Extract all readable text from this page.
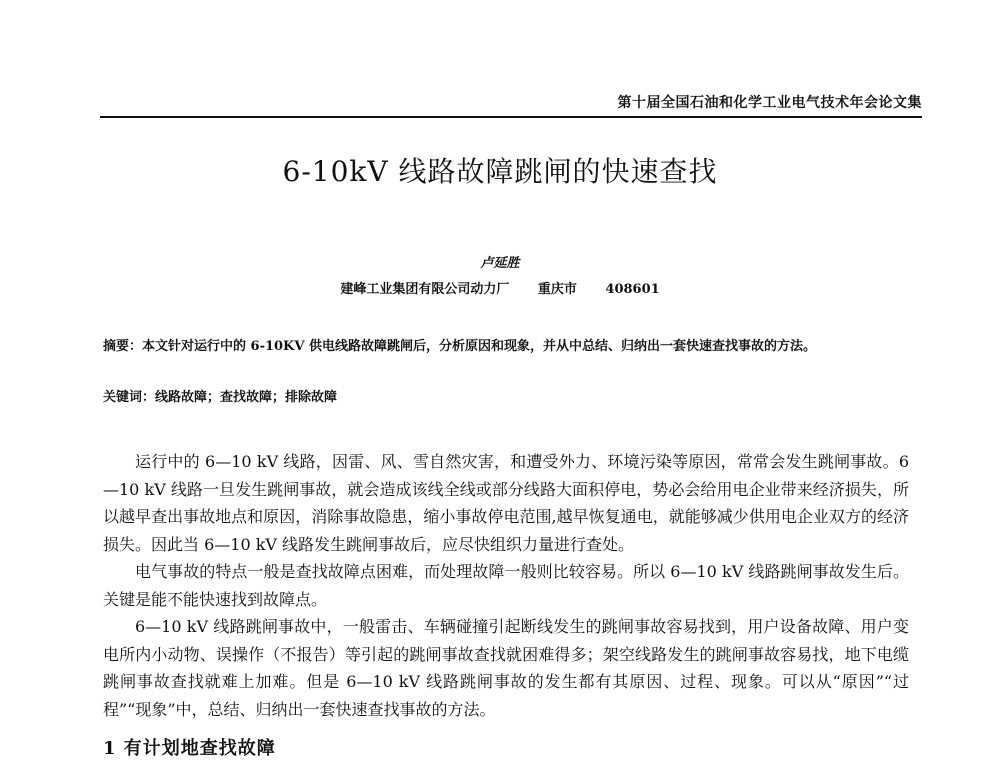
第十届全国石油和化学工业电气技术年会论文集
6-10kV 线路故障跳闸的快速查找
卢延胜
建峰工业集团有限公司动力厂 重庆市 408601
摘要：本文针对运行中的 6-10KV 供电线路故障跳闸后，分析原因和现象，并从中总结、归纳出一套快速查找事故的方法。
关键词：线路故障；查找故障；排除故障

运行中的 6—10 kV 线路，因雷、风、雪自然灾害，和遭受外力、环境污染等原因，常常会发生跳闸事故。6—10 kV 线路一旦发生跳闸事故，就会造成该线全线或部分线路大面积停电，势必会给用电企业带来经济损失，所以越早查出事故地点和原因，消除事故隐患，缩小事故停电范围,越早恢复通电，就能够减少供用电企业双方的经济损失。因此当 6—10 kV 线路发生跳闸事故后，应尽快组织力量进行查处。

电气事故的特点一般是查找故障点困难，而处理故障一般则比较容易。所以 6—10 kV 线路跳闸事故发生后。关键是能不能快速找到故障点。

6—10 kV 线路跳闸事故中，一般雷击、车辆碰撞引起断线发生的跳闸事故容易找到，用户设备故障、用户变电所内小动物、误操作（不报告）等引起的跳闸事故查找就困难得多；架空线路发生的跳闸事故容易找，地下电缆跳闸事故查找就难上加难。但是 6—10 kV 线路跳闸事故的发生都有其原因、过程、现象。可以从“原因”“过程”“现象”中，总结、归纳出一套快速查找事故的方法。

1 有计划地查找故障
